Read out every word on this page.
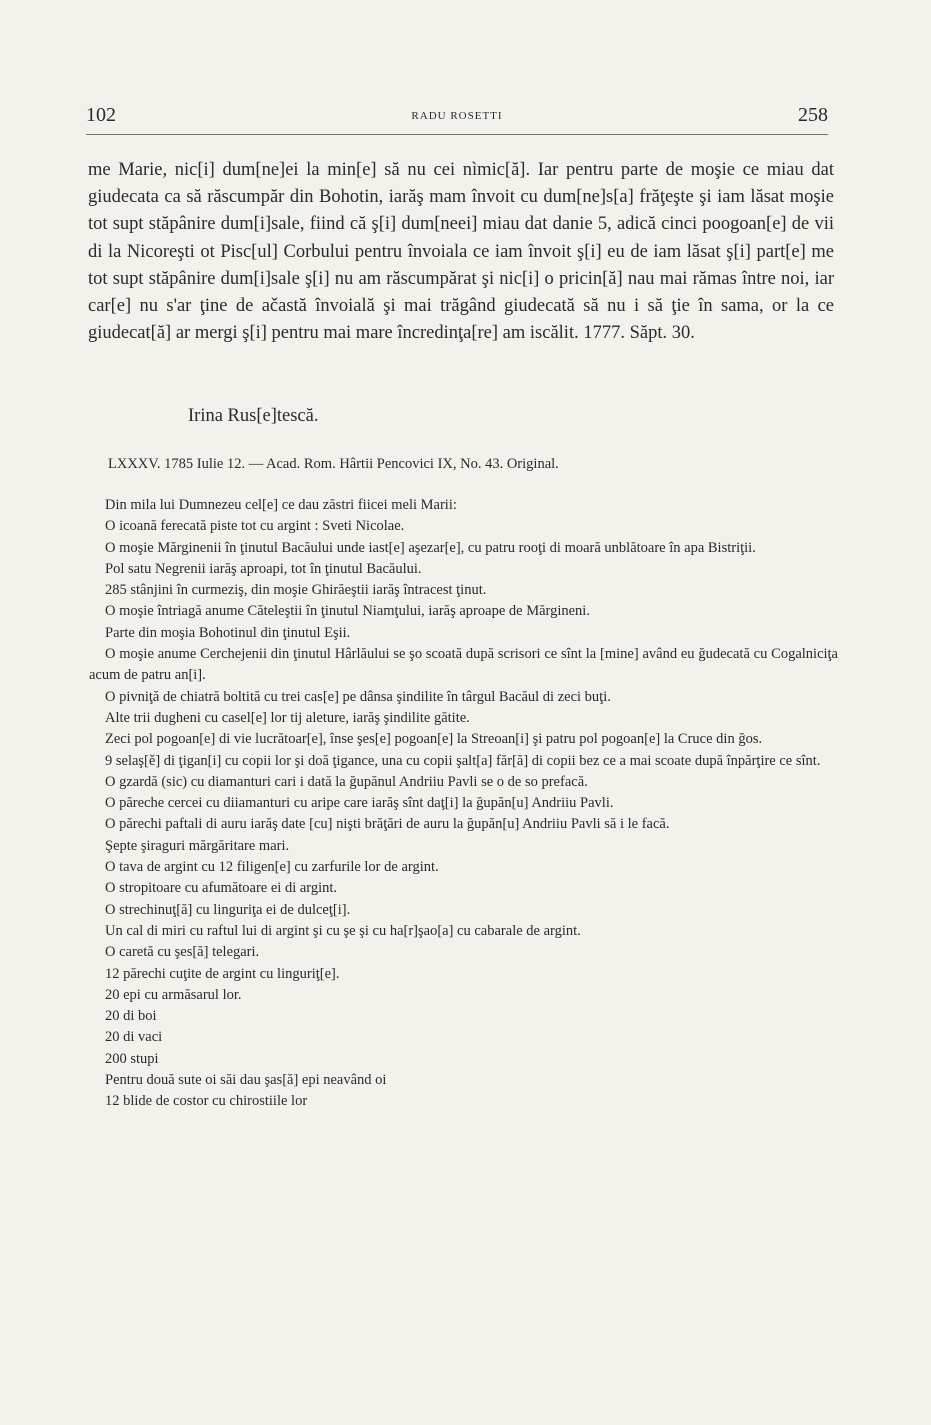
102	RADU ROSETTI	258

me Marie, nic[i] dum[ne]ei la min[e] să nu cei nìmic[ă]. Iar pentru parte de moşie ce miau dat giudecata ca să răscumpăr din Bohotin, iarăş mam învoit cu dum[ne]s[a] frăţeşte şi iam lăsat moşie tot supt stăpânire dum[i]sale, fiind că ş[i] dum[neei] miau dat danie 5, adică cinci poogoan[e] de vii di la Nicoreşti ot Pisc[ul] Corbului pentru învoiala ce iam învoit ş[i] eu de iam lăsat ş[i] part[e] me tot supt stăpânire dum[i]sale ş[i] nu am răscumpărat şi nic[i] o pricin[ă] nau mai rămas între noi, iar car[e] nu s'ar ţine de ačastă învoială şi mai trăgând giudecată să nu i să ţie în sama, or la ce giudecat[ă] ar mergi ş[i] pentru mai mare încredinţa[re] am iscălit. 1777. Săpt. 30.

Irina Rus[e]tescă.
LXXXV. 1785 Iulie 12. — Acad. Rom. Hârtii Pencovici IX, No. 43. Original.

Din mila lui Dumnezeu cel[e] ce dau zăstri fiicei meli Marii:

O icoană ferecată piste tot cu argint : Sveti Nicolae.

O moşie Mărginenii în ţinutul Bacăului unde iast[e] aşezar[e], cu patru rooţi di moară unblătoare în apa Bistriţii.

Pol satu Negrenii iarăş aproapi, tot în ţinutul Bacăului.

285 stânjini în curmeziş, din moşie Ghirăeştii iarăş întracest ţinut.

O moşie întriagă anume Căteleştii în ţinutul Niamţului, iarăş aproape de Mărgineni.

Parte din moşia Bohotinul din ţinutul Eşii.

O moşie anume Cerchejenii din ţinutul Hârlăului se şo scoată după scrisori ce sînt la [mine] având eu ğudecată cu Cogalniciţa acum de patru an[i].

O pivniţă de chiatră boltită cu trei cas[e] pe dânsa şindilite în târgul Bacăul di zeci buţi.

Alte trii dugheni cu casel[e] lor tij aleture, iarăş şindilite gătite.

Zeci pol pogoan[e] di vie lucrătoar[e], înse şes[e] pogoan[e] la Streoan[i] şi patru pol pogoan[e] la Cruce din ğos.

9 selaş[ě] di ţigan[i] cu copii lor şi doă ţigance, una cu copii şalt[a] făr[ă] di copii bez ce a mai scoate după înpărţire ce sînt.

O gzardă (sic) cu diamanturi cari i dată la ğupănul Andriiu Pavli se o de so prefacă.

O păreche cercei cu diiamanturi cu aripe care iarăş sînt daţ[i] la ğupăn[u] Andriiu Pavli.

O părechi paftali di auru iarăş date [cu] nişti brăţări de auru la ğupăn[u] Andriiu Pavli să i le facă.

Şepte şiraguri mărgăritare mari.

O tava de argint cu 12 filigen[e] cu zarfurile lor de argint.

O stropitoare cu afumătoare ei di argint.

O strechinuţ[ă] cu linguriţa ei de dulceţ[i].

Un cal di miri cu raftul lui di argint şi cu şe şi cu ha[r]şao[a] cu cabarale de argint.

O caretă cu şes[ă] telegari.

12 părechi cuţite de argint cu linguriţ[e].

20 epi cu armăsarul lor.

20 di boi

20 di vaci

200 stupi

Pentru două sute oi săi dau şas[ă] epi neavând oi

12 blide de costor cu chirostiile lor
